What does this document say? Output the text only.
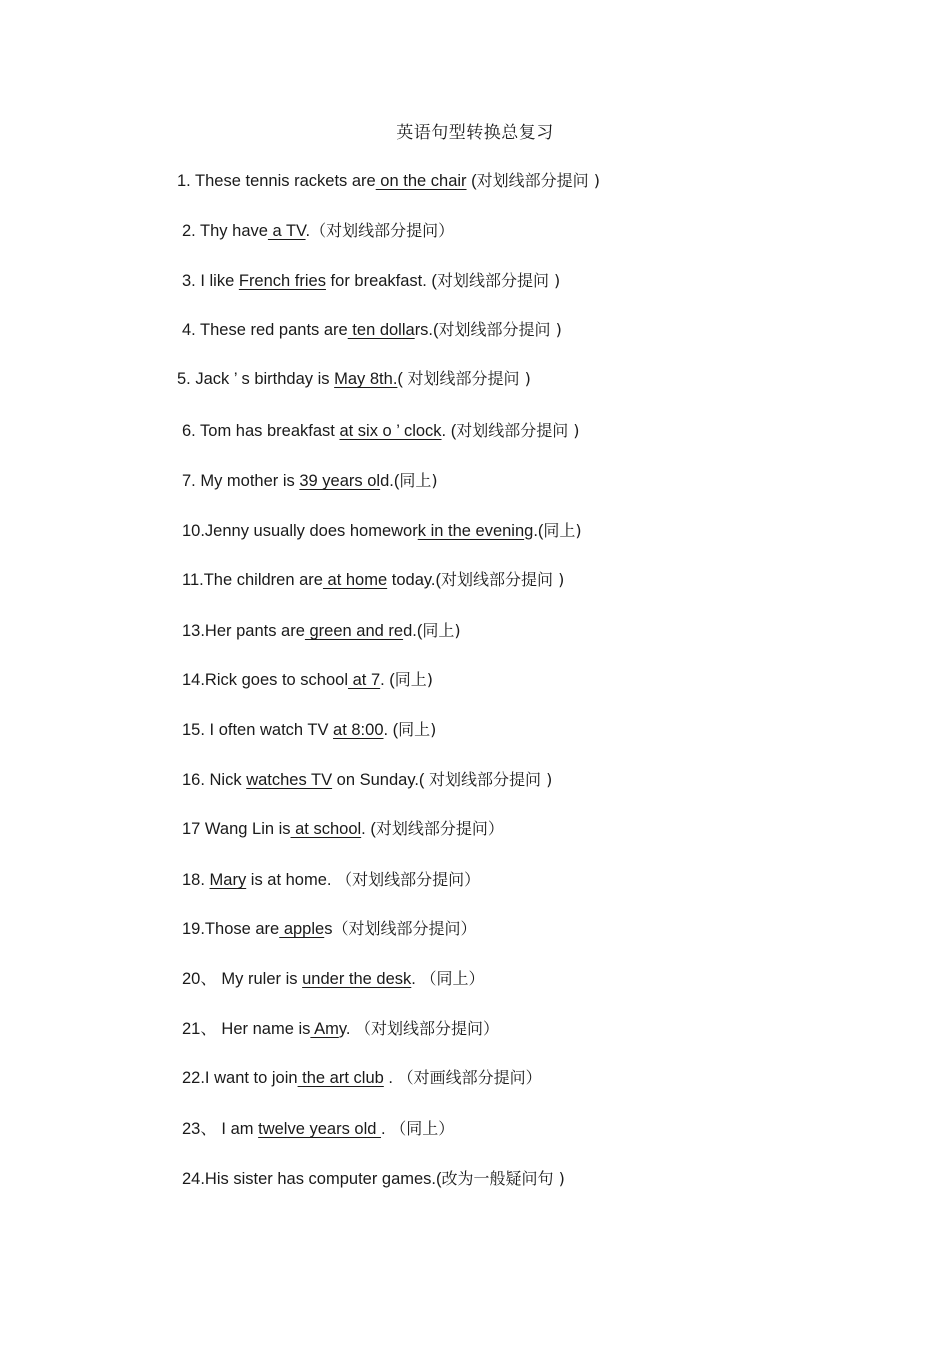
英语句型转换总复习
1. These tennis rackets are on the chair (对划线部分提问 )
2. Thy have a TV.（对划线部分提问）
3. I like French fries for breakfast. (对划线部分提问 )
4. These red pants are ten dollars.(对划线部分提问 )
5. Jack ’ s birthday is May 8th.( 对划线部分提问 )
6. Tom has breakfast at six o ’ clock. (对划线部分提问 )
7. My mother is 39 years old.(同上)
10.Jenny usually does homework in the evening.(同上)
11.The children are at home today.(对划线部分提问 )
13.Her pants are green and red.(同上)
14.Rick goes to school at 7. (同上)
15. I often watch TV at 8:00. (同上)
16. Nick watches TV on Sunday.( 对划线部分提问 )
17 Wang Lin is at school. (对划线部分提问）
18. Mary is at home. （对划线部分提问）
19.Those are apples（对划线部分提问）
20、 My ruler is under the desk. （同上）
21、 Her name is Amy. （对划线部分提问）
22.I want to join the art club . （对画线部分提问）
23、 I am twelve years old . （同上）
24.His sister has computer games.(改为一般疑问句 )
